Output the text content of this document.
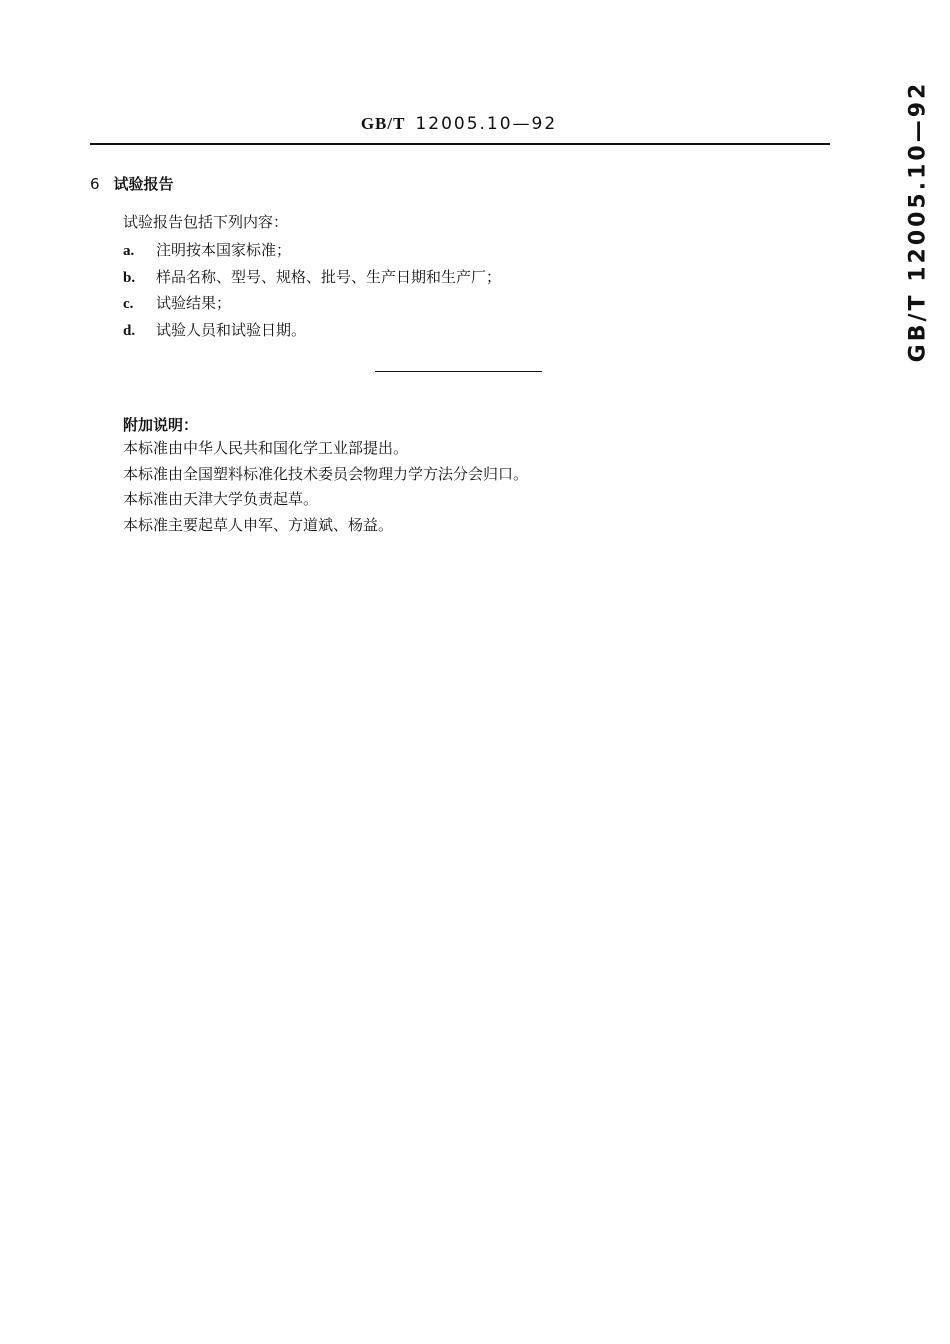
GB/T 12005.10—92	GB/T 12005.10—92
6 试验报告
试验报告包括下列内容：
a. 注明按本国家标准；
b. 样品名称、型号、规格、批号、生产日期和生产厂；
c. 试验结果；
d. 试验人员和试验日期。
附加说明：
本标准由中华人民共和国化学工业部提出。
本标准由全国塑料标准化技术委员会物理力学方法分会归口。
本标准由天津大学负责起草。
本标准主要起草人申军、方道斌、杨益。
